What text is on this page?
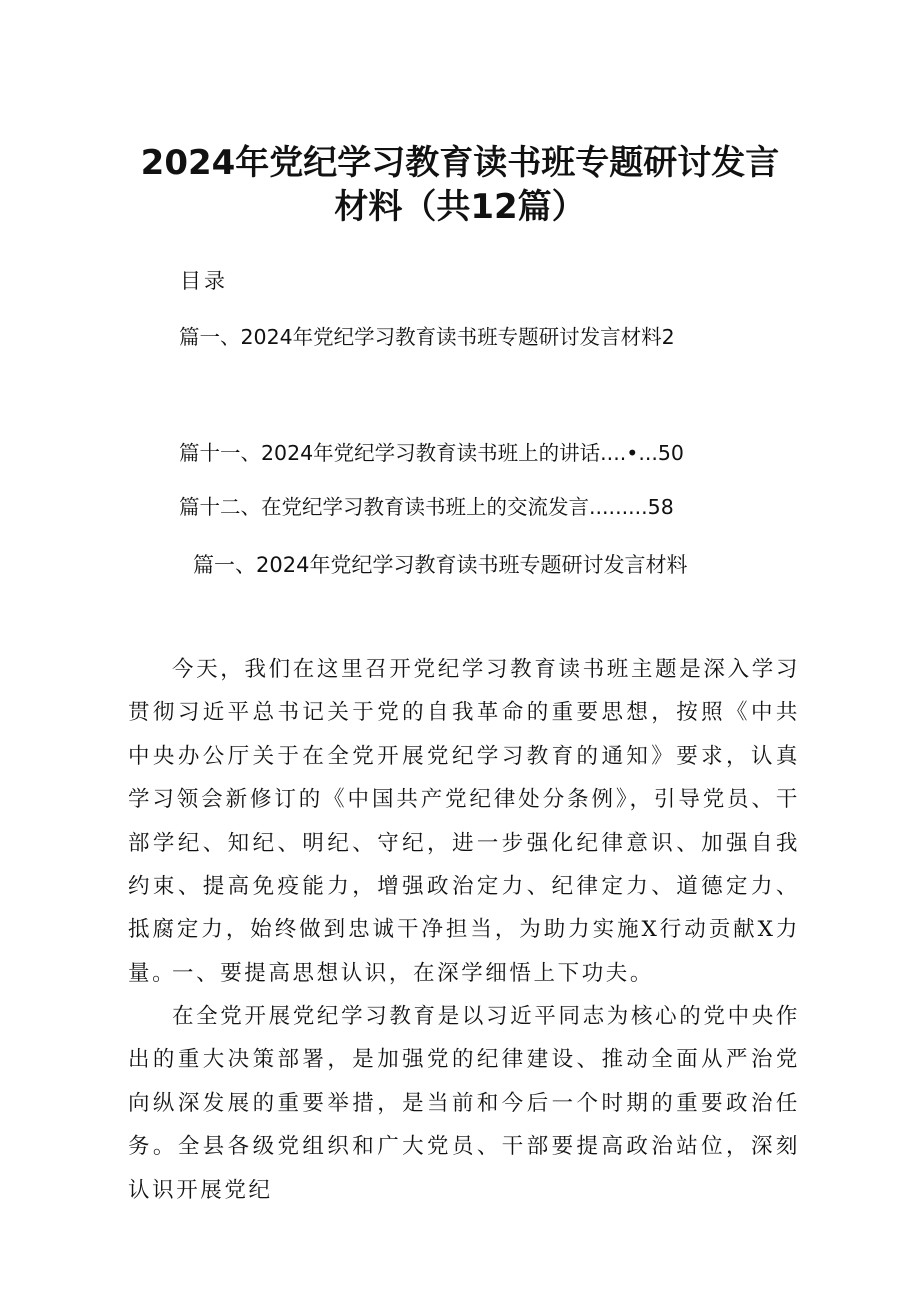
2024年党纪学习教育读书班专题研讨发言
材料（共12篇）
目录
篇一、2024年党纪学习教育读书班专题研讨发言材料2
篇十一、2024年党纪学习教育读书班上的讲话....•...50
篇十二、在党纪学习教育读书班上的交流发言.........58
篇一、2024年党纪学习教育读书班专题研讨发言材料
今天，我们在这里召开党纪学习教育读书班主题是深入学习贯彻习近平总书记关于党的自我革命的重要思想，按照《中共中央办公厅关于在全党开展党纪学习教育的通知》要求，认真学习领会新修订的《中国共产党纪律处分条例》，引导党员、干部学纪、知纪、明纪、守纪，进一步强化纪律意识、加强自我约束、提高免疫能力，增强政治定力、纪律定力、道德定力、抵腐定力，始终做到忠诚干净担当，为助力实施X行动贡献X力量。
一、要提高思想认识，在深学细悟上下功夫。
在全党开展党纪学习教育是以习近平同志为核心的党中央作出的重大决策部署，是加强党的纪律建设、推动全面从严治党向纵深发展的重要举措，是当前和今后一个时期的重要政治任务。全县各级党组织和广大党员、干部要提高政治站位，深刻认识开展党纪
